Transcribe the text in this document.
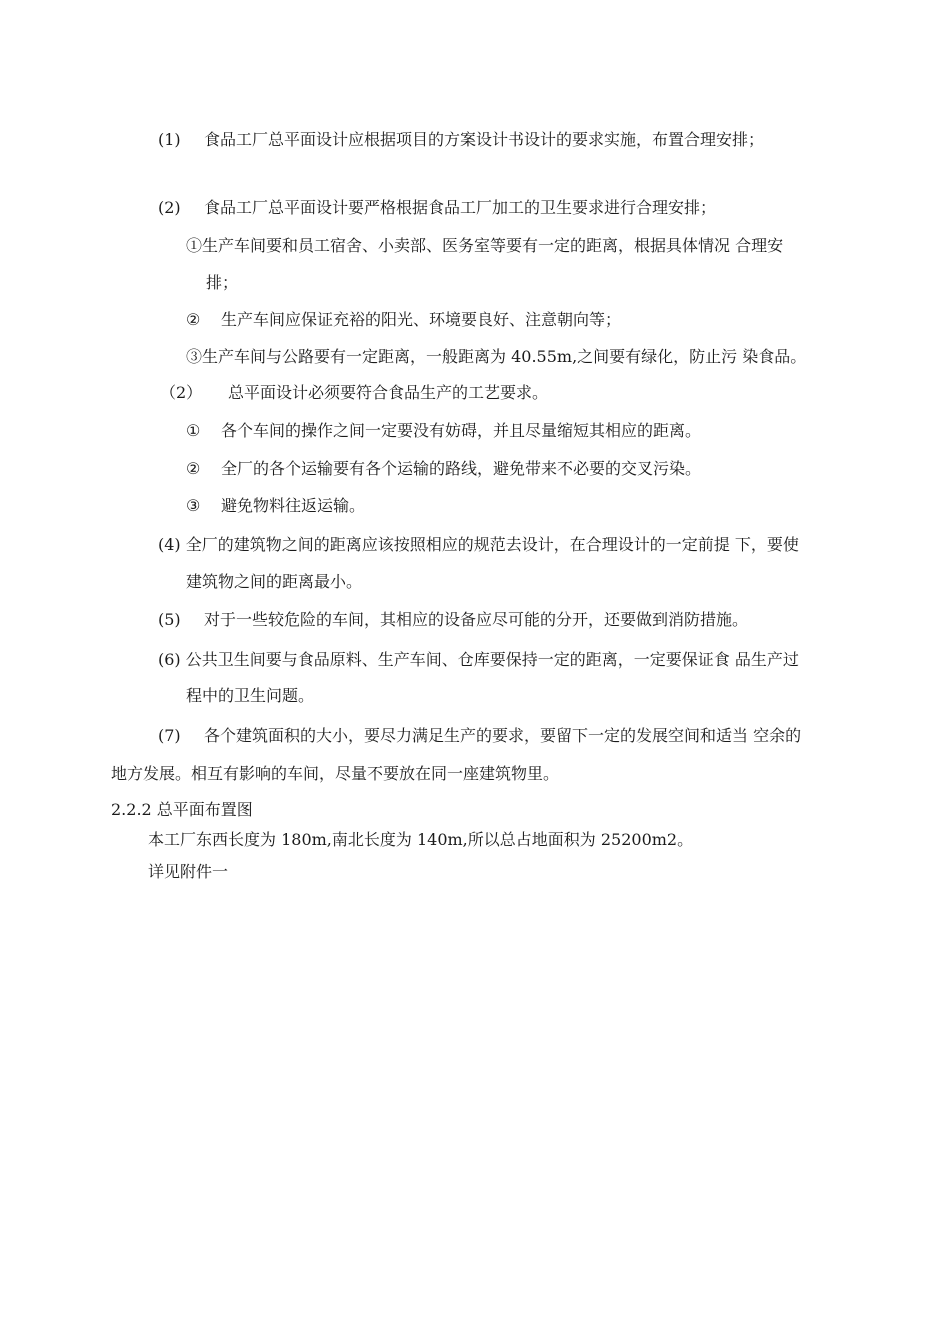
(1) 食品工厂总平面设计应根据项目的方案设计书设计的要求实施，布置合理安排；
(2) 食品工厂总平面设计要严格根据食品工厂加工的卫生要求进行合理安排；
①生产车间要和员工宿舍、小卖部、医务室等要有一定的距离，根据具体情况 合理安
排；
② 生产车间应保证充裕的阳光、环境要良好、注意朝向等；
③生产车间与公路要有一定距离，一般距离为 40.55m,之间要有绿化，防止污 染食品。
（2） 总平面设计必须要符合食品生产的工艺要求。
① 各个车间的操作之间一定要没有妨碍，并且尽量缩短其相应的距离。
② 全厂的各个运输要有各个运输的路线，避免带来不必要的交叉污染。
③ 避免物料往返运输。
(4) 全厂的建筑物之间的距离应该按照相应的规范去设计，在合理设计的一定前提 下，要使
建筑物之间的距离最小。
(5) 对于一些较危险的车间，其相应的设备应尽可能的分开，还要做到消防措施。
(6) 公共卫生间要与食品原料、生产车间、仓库要保持一定的距离，一定要保证食 品生产过
程中的卫生问题。
(7) 各个建筑面积的大小，要尽力满足生产的要求，要留下一定的发展空间和适当 空余的
地方发展。相互有影响的车间，尽量不要放在同一座建筑物里。
2.2.2 总平面布置图
本工厂东西长度为 180m,南北长度为 140m,所以总占地面积为 25200m2。
详见附件一
